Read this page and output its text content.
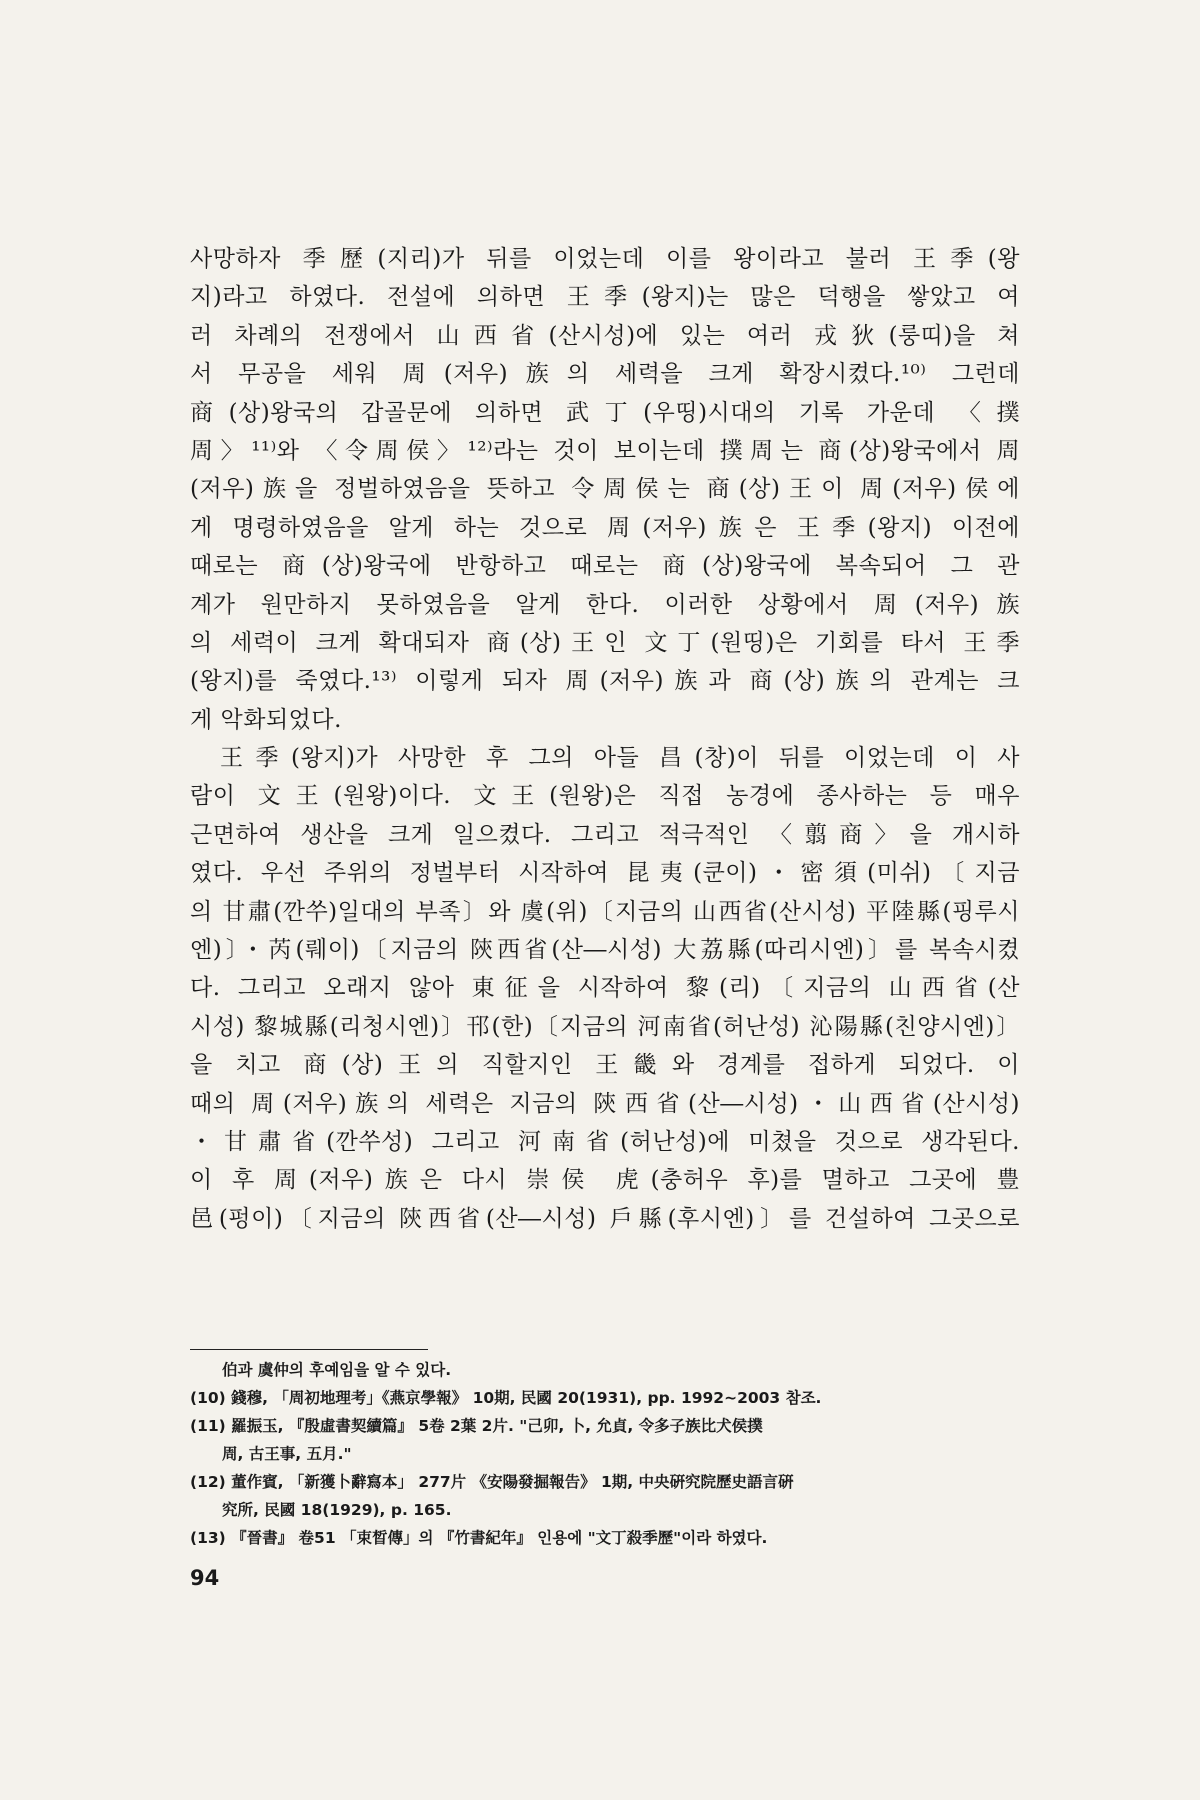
사망하자 季歷(지리)가 뒤를 이었는데 이를 왕이라고 불러 王季(왕
지)라고 하였다. 전설에 의하면 王季(왕지)는 많은 덕행을 쌓았고 여
러 차례의 전쟁에서 山西省(산시성)에 있는 여러 戎狄(룽띠)을 쳐
서 무공을 세워 周(저우)族의 세력을 크게 확장시켰다.¹⁰⁾ 그런데
商(상)왕국의 갑골문에 의하면 武丁(우띵)시대의 기록 가운데 〈撲
周〉¹¹⁾와 〈令周侯〉¹²⁾라는 것이 보이는데 撲周는 商(상)왕국에서 周
(저우)族을 정벌하였음을 뜻하고 令周侯는 商(상)王이 周(저우)侯에
게 명령하였음을 알게 하는 것으로 周(저우)族은 王季(왕지) 이전에
때로는 商(상)왕국에 반항하고 때로는 商(상)왕국에 복속되어 그 관
계가 원만하지 못하였음을 알게 한다. 이러한 상황에서 周(저우)族
의 세력이 크게 확대되자 商(상)王인 文丁(원띵)은 기회를 타서 王季
(왕지)를 죽였다.¹³⁾ 이렇게 되자 周(저우)族과 商(상)族의 관계는 크
게 악화되었다.
王季(왕지)가 사망한 후 그의 아들 昌(창)이 뒤를 이었는데 이 사
람이 文王(원왕)이다. 文王(원왕)은 직접 농경에 종사하는 등 매우
근면하여 생산을 크게 일으켰다. 그리고 적극적인 〈翦商〉을 개시하
였다. 우선 주위의 정벌부터 시작하여 昆夷(쿤이)・密須(미쉬)〔지금
의 甘肅(깐쑤)일대의 부족〕와 虞(위)〔지금의 山西省(산시성) 平陸縣(핑루시
엔)〕・芮(뤠이)〔지금의 陝西省(산―시성) 大荔縣(따리시엔)〕를 복속시켰
다. 그리고 오래지 않아 東征을 시작하여 黎(리)〔지금의 山西省(산
시성) 黎城縣(리청시엔)〕邗(한)〔지금의 河南省(허난성) 沁陽縣(친양시엔)〕
을 치고 商(상)王의 직할지인 王畿와 경계를 접하게 되었다. 이
때의 周(저우)族의 세력은 지금의 陝西省(산―시성)・山西省(산시성)
・甘肅省(깐쑤성) 그리고 河南省(허난성)에 미쳤을 것으로 생각된다.
이 후 周(저우)族은 다시 崇侯 虎(충허우 후)를 멸하고 그곳에 豊
邑(펑이)〔지금의 陝西省(산―시성) 戶縣(후시엔)〕를 건설하여 그곳으로
伯과 虞仲의 후예임을 알 수 있다.
(10) 錢穆, 「周初地理考」《燕京學報》 10期, 民國 20(1931), pp. 1992~2003 참조.
(11) 羅振玉, 『殷虛書契續篇』 5卷 2葉 2片. "己卯, 卜, 允貞, 令多子族比犬侯撲
周, 古王事, 五月."
(12) 董作賓, 「新獲卜辭寫本」 277片 《安陽發掘報告》 1期, 中央硏究院歷史語言硏
究所, 民國 18(1929), p. 165.
(13) 『晉書』 卷51 「束晳傳」의 『竹書紀年』 인용에 "文丁殺季歷"이라 하였다.
94
